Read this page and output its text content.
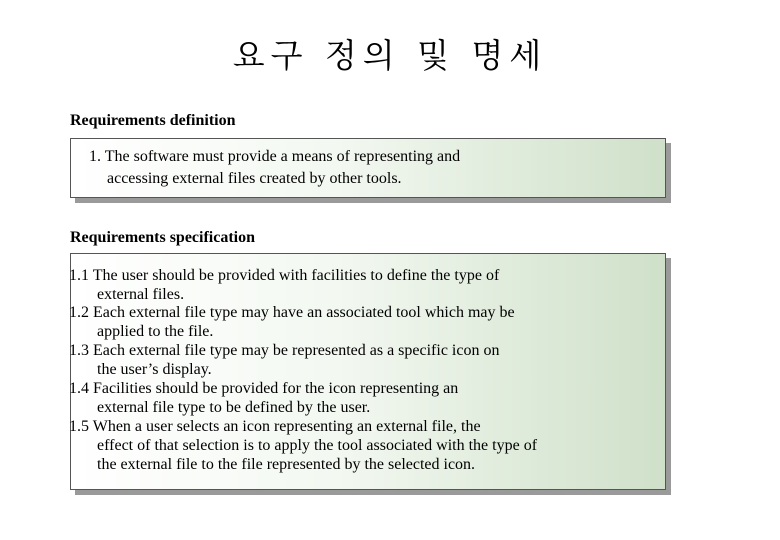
요구 정의 및 명세
Requirements definition
1. The software must provide a means of representing and
accessing external files created by other tools.
Requirements specification
1.1 The user should be provided with facilities to define the type of
external files.
1.2 Each external file type may have an associated tool which may be
applied to the file.
1.3 Each external file type may be represented as a specific icon on
the user’s display.
1.4 Facilities should be provided for the icon representing an
external file type to be defined by the user.
1.5 When a user selects an icon representing an external file, the
effect of that selection is to apply the tool associated with the type of
the external file to the file represented by the selected icon.
